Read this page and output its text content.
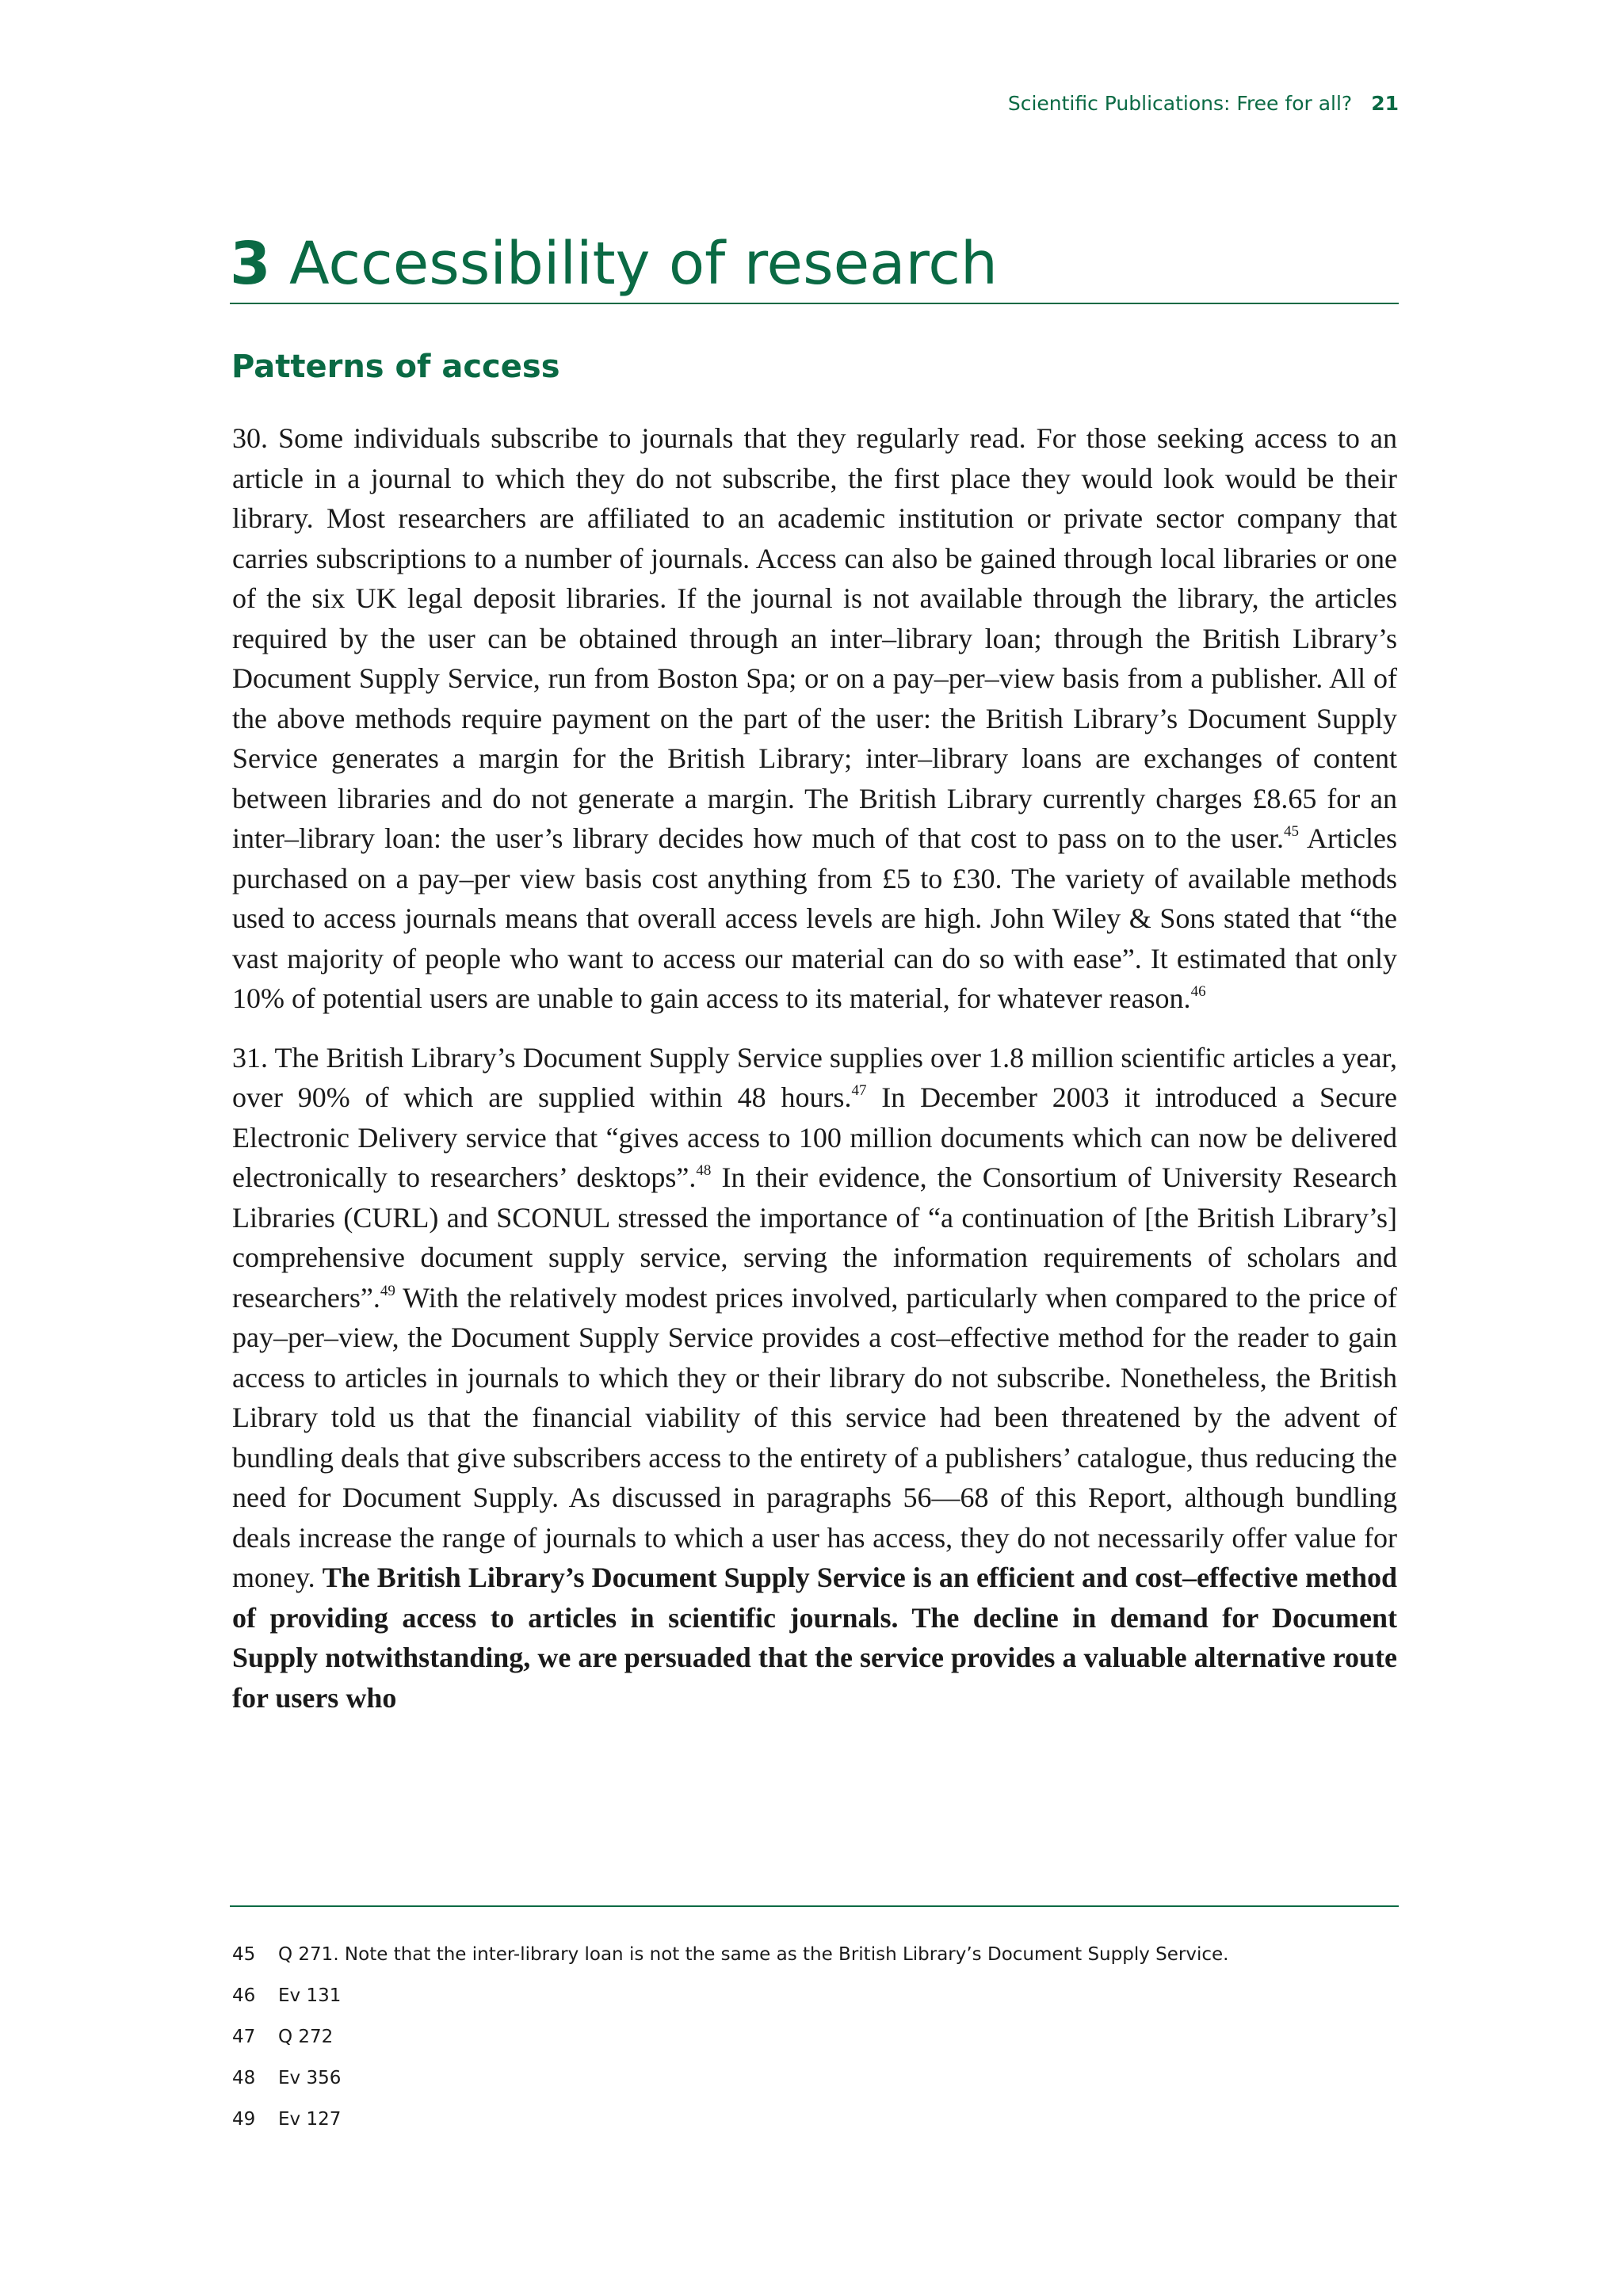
Scientific Publications: Free for all? 21
3 Accessibility of research
Patterns of access

30. Some individuals subscribe to journals that they regularly read. For those seeking access to an article in a journal to which they do not subscribe, the first place they would look would be their library. Most researchers are affiliated to an academic institution or private sector company that carries subscriptions to a number of journals. Access can also be gained through local libraries or one of the six UK legal deposit libraries. If the journal is not available through the library, the articles required by the user can be obtained through an inter–library loan; through the British Library’s Document Supply Service, run from Boston Spa; or on a pay–per–view basis from a publisher. All of the above methods require payment on the part of the user: the British Library’s Document Supply Service generates a margin for the British Library; inter–library loans are exchanges of content between libraries and do not generate a margin. The British Library currently charges £8.65 for an inter–library loan: the user’s library decides how much of that cost to pass on to the user.$^{45}$ Articles purchased on a pay–per view basis cost anything from £5 to £30. The variety of available methods used to access journals means that overall access levels are high. John Wiley & Sons stated that “the vast majority of people who want to access our material can do so with ease”. It estimated that only 10% of potential users are unable to gain access to its material, for whatever reason.$^{46}$

31. The British Library’s Document Supply Service supplies over 1.8 million scientific articles a year, over 90% of which are supplied within 48 hours.$^{47}$ In December 2003 it introduced a Secure Electronic Delivery service that “gives access to 100 million documents which can now be delivered electronically to researchers’ desktops”.$^{48}$ In their evidence, the Consortium of University Research Libraries (CURL) and SCONUL stressed the importance of “a continuation of [the British Library’s] comprehensive document supply service, serving the information requirements of scholars and researchers”.$^{49}$ With the relatively modest prices involved, particularly when compared to the price of pay–per–view, the Document Supply Service provides a cost–effective method for the reader to gain access to articles in journals to which they or their library do not subscribe. Nonetheless, the British Library told us that the financial viability of this service had been threatened by the advent of bundling deals that give subscribers access to the entirety of a publishers’ catalogue, thus reducing the need for Document Supply. As discussed in paragraphs 56—68 of this Report, although bundling deals increase the range of journals to which a user has access, they do not necessarily offer value for money. The British Library’s Document Supply Service is an efficient and cost–effective method of providing access to articles in scientific journals. The decline in demand for Document Supply notwithstanding, we are persuaded that the service provides a valuable alternative route for users who

45	Q 271. Note that the inter-library loan is not the same as the British Library’s Document Supply Service.
46	Ev 131
47	Q 272
48	Ev 356
49	Ev 127
